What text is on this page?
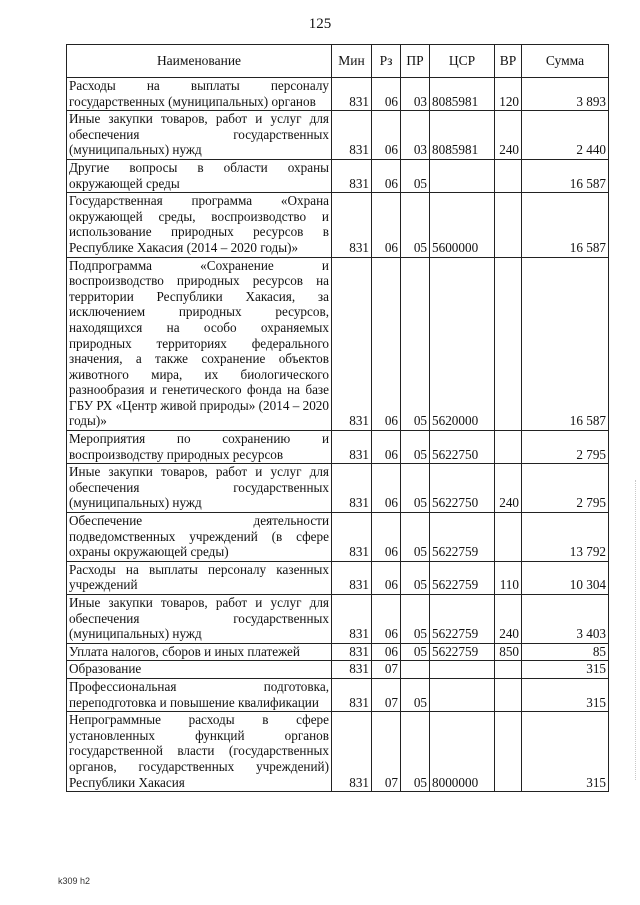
125
Наименование	Мин	Рз	ПР	ЦСР	ВР	Сумма
Расходы на выплаты персоналу государственных (муниципальных) органов	831	06	03	8085981	120	3 893
Иные закупки товаров, работ и услуг для обеспечения государственных (муниципальных) нужд	831	06	03	8085981	240	2 440
Другие вопросы в области охраны окружающей среды	831	06	05			16 587
Государственная программа «Охрана окружающей среды, воспроизводство и использование природных ресурсов в Республике Хакасия (2014 – 2020 годы)»	831	06	05	5600000		16 587
Подпрограмма «Сохранение и воспроизводство природных ресурсов на территории Республики Хакасия, за исключением природных ресурсов, находящихся на особо охраняемых природных территориях федерального значения, а также сохранение объектов животного мира, их биологического разнообразия и генетического фонда на базе ГБУ РХ «Центр живой природы» (2014 – 2020 годы)»	831	06	05	5620000		16 587
Мероприятия по сохранению и воспроизводству природных ресурсов	831	06	05	5622750		2 795
Иные закупки товаров, работ и услуг для обеспечения государственных (муниципальных) нужд	831	06	05	5622750	240	2 795
Обеспечение деятельности подведомственных учреждений (в сфере охраны окружающей среды)	831	06	05	5622759		13 792
Расходы на выплаты персоналу казенных учреждений	831	06	05	5622759	110	10 304
Иные закупки товаров, работ и услуг для обеспечения государственных (муниципальных) нужд	831	06	05	5622759	240	3 403
Уплата налогов, сборов и иных платежей	831	06	05	5622759	850	85
Образование	831	07				315
Профессиональная подготовка, переподготовка и повышение квалификации	831	07	05			315
Непрограммные расходы в сфере установленных функций органов государственной власти (государственных органов, государственных учреждений) Республики Хакасия	831	07	05	8000000		315
k309 h2
